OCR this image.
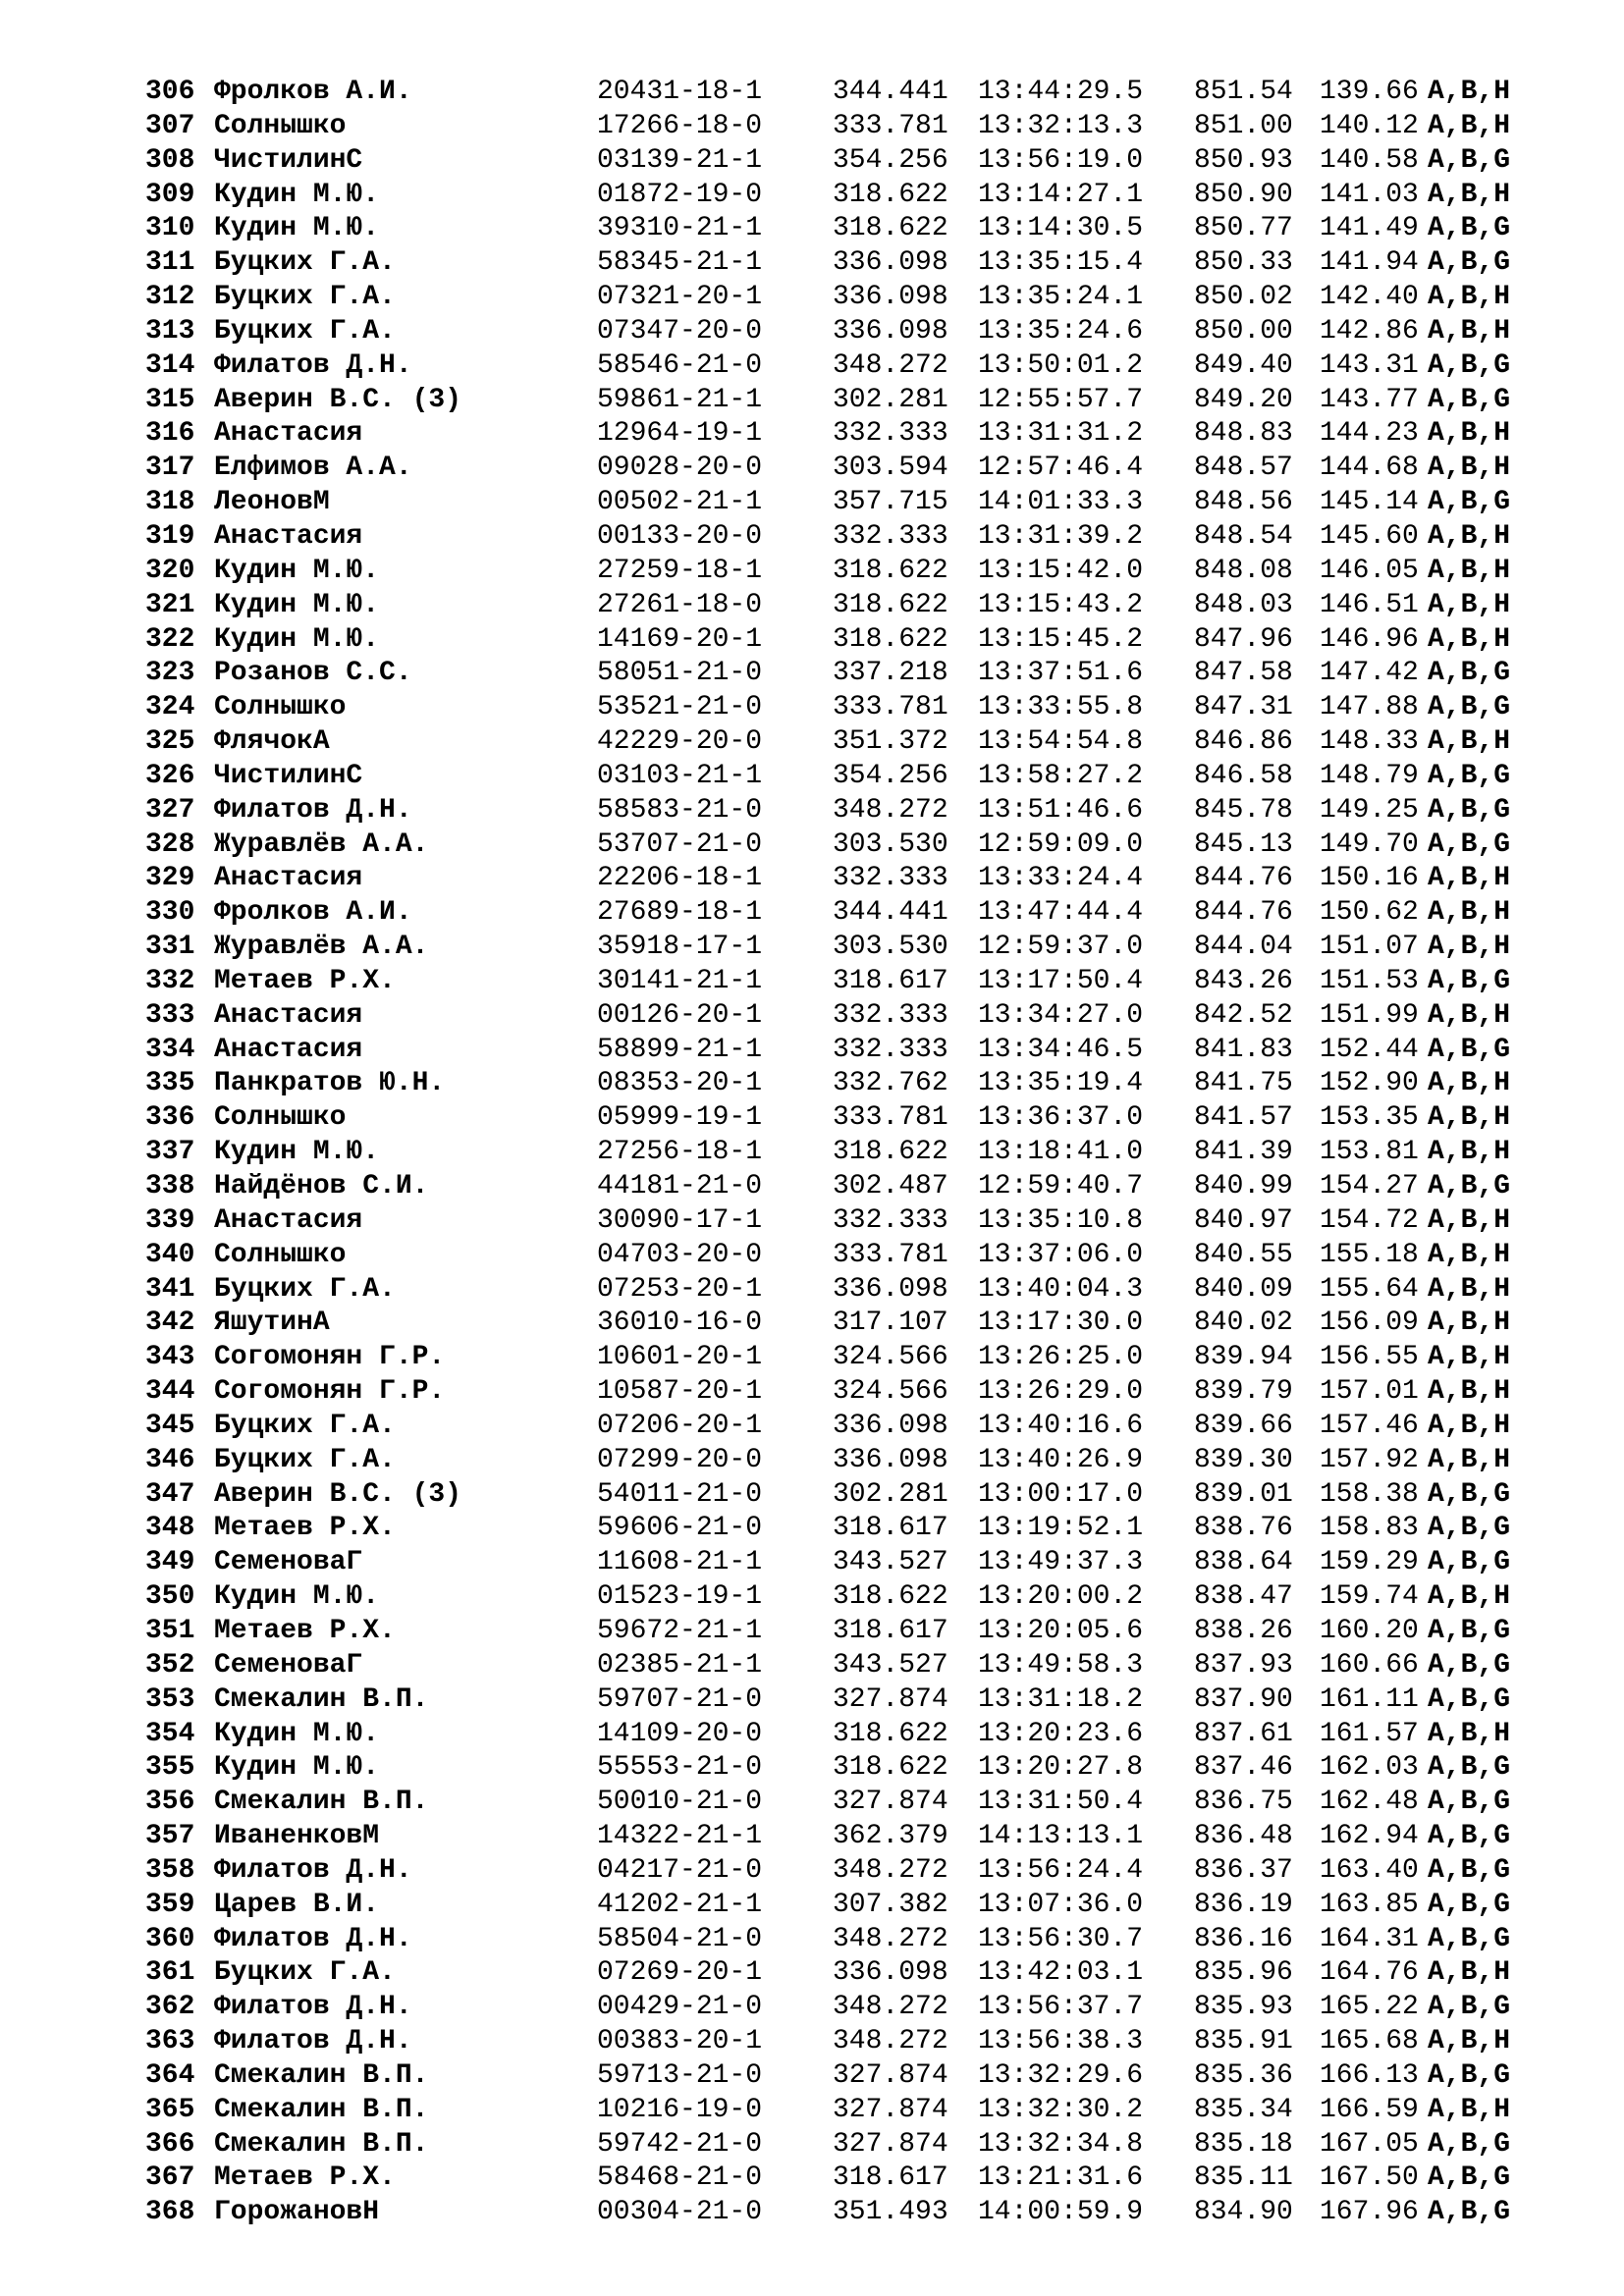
306 Фролков А.И.	20431-18-1	344.441	13:44:29.5	851.54 139.66 A,B,H
307 Солнышко	17266-18-0	333.781	13:32:13.3	851.00 140.12 A,B,H
308 ЧистилинС	03139-21-1	354.256	13:56:19.0	850.93 140.58 A,B,G
309 Кудин М.Ю.	01872-19-0	318.622	13:14:27.1	850.90 141.03 A,B,H
310 Кудин М.Ю.	39310-21-1	318.622	13:14:30.5	850.77 141.49 A,B,G
311 Буцких Г.А.	58345-21-1	336.098	13:35:15.4	850.33 141.94 A,B,G
312 Буцких Г.А.	07321-20-1	336.098	13:35:24.1	850.02 142.40 A,B,H
313 Буцких Г.А.	07347-20-0	336.098	13:35:24.6	850.00 142.86 A,B,H
314 Филатов Д.Н.	58546-21-0	348.272	13:50:01.2	849.40 143.31 A,B,G
315 Аверин В.С. (3)	59861-21-1	302.281	12:55:57.7	849.20 143.77 A,B,G
316 Анастасия	12964-19-1	332.333	13:31:31.2	848.83 144.23 A,B,H
317 Елфимов А.А.	09028-20-0	303.594	12:57:46.4	848.57 144.68 A,B,H
318 ЛеоновМ	00502-21-1	357.715	14:01:33.3	848.56 145.14 A,B,G
319 Анастасия	00133-20-0	332.333	13:31:39.2	848.54 145.60 A,B,H
320 Кудин М.Ю.	27259-18-1	318.622	13:15:42.0	848.08 146.05 A,B,H
321 Кудин М.Ю.	27261-18-0	318.622	13:15:43.2	848.03 146.51 A,B,H
322 Кудин М.Ю.	14169-20-1	318.622	13:15:45.2	847.96 146.96 A,B,H
323 Розанов С.С.	58051-21-0	337.218	13:37:51.6	847.58 147.42 A,B,G
324 Солнышко	53521-21-0	333.781	13:33:55.8	847.31 147.88 A,B,G
325 ФлячокА	42229-20-0	351.372	13:54:54.8	846.86 148.33 A,B,H
326 ЧистилинС	03103-21-1	354.256	13:58:27.2	846.58 148.79 A,B,G
327 Филатов Д.Н.	58583-21-0	348.272	13:51:46.6	845.78 149.25 A,B,G
328 Журавлёв А.А.	53707-21-0	303.530	12:59:09.0	845.13 149.70 A,B,G
329 Анастасия	22206-18-1	332.333	13:33:24.4	844.76 150.16 A,B,H
330 Фролков А.И.	27689-18-1	344.441	13:47:44.4	844.76 150.62 A,B,H
331 Журавлёв А.А.	35918-17-1	303.530	12:59:37.0	844.04 151.07 A,B,H
332 Метаев Р.Х.	30141-21-1	318.617	13:17:50.4	843.26 151.53 A,B,G
333 Анастасия	00126-20-1	332.333	13:34:27.0	842.52 151.99 A,B,H
334 Анастасия	58899-21-1	332.333	13:34:46.5	841.83 152.44 A,B,G
335 Панкратов Ю.Н.	08353-20-1	332.762	13:35:19.4	841.75 152.90 A,B,H
336 Солнышко	05999-19-1	333.781	13:36:37.0	841.57 153.35 A,B,H
337 Кудин М.Ю.	27256-18-1	318.622	13:18:41.0	841.39 153.81 A,B,H
338 Найдёнов С.И.	44181-21-0	302.487	12:59:40.7	840.99 154.27 A,B,G
339 Анастасия	30090-17-1	332.333	13:35:10.8	840.97 154.72 A,B,H
340 Солнышко	04703-20-0	333.781	13:37:06.0	840.55 155.18 A,B,H
341 Буцких Г.А.	07253-20-1	336.098	13:40:04.3	840.09 155.64 A,B,H
342 ЯшутинА	36010-16-0	317.107	13:17:30.0	840.02 156.09 A,B,H
343 Согомонян Г.Р.	10601-20-1	324.566	13:26:25.0	839.94 156.55 A,B,H
344 Согомонян Г.Р.	10587-20-1	324.566	13:26:29.0	839.79 157.01 A,B,H
345 Буцких Г.А.	07206-20-1	336.098	13:40:16.6	839.66 157.46 A,B,H
346 Буцких Г.А.	07299-20-0	336.098	13:40:26.9	839.30 157.92 A,B,H
347 Аверин В.С. (3)	54011-21-0	302.281	13:00:17.0	839.01 158.38 A,B,G
348 Метаев Р.Х.	59606-21-0	318.617	13:19:52.1	838.76 158.83 A,B,G
349 СеменоваГ	11608-21-1	343.527	13:49:37.3	838.64 159.29 A,B,G
350 Кудин М.Ю.	01523-19-1	318.622	13:20:00.2	838.47 159.74 A,B,H
351 Метаев Р.Х.	59672-21-1	318.617	13:20:05.6	838.26 160.20 A,B,G
352 СеменоваГ	02385-21-1	343.527	13:49:58.3	837.93 160.66 A,B,G
353 Смекалин В.П.	59707-21-0	327.874	13:31:18.2	837.90 161.11 A,B,G
354 Кудин М.Ю.	14109-20-0	318.622	13:20:23.6	837.61 161.57 A,B,H
355 Кудин М.Ю.	55553-21-0	318.622	13:20:27.8	837.46 162.03 A,B,G
356 Смекалин В.П.	50010-21-0	327.874	13:31:50.4	836.75 162.48 A,B,G
357 ИваненковМ	14322-21-1	362.379	14:13:13.1	836.48 162.94 A,B,G
358 Филатов Д.Н.	04217-21-0	348.272	13:56:24.4	836.37 163.40 A,B,G
359 Царев В.И.	41202-21-1	307.382	13:07:36.0	836.19 163.85 A,B,G
360 Филатов Д.Н.	58504-21-0	348.272	13:56:30.7	836.16 164.31 A,B,G
361 Буцких Г.А.	07269-20-1	336.098	13:42:03.1	835.96 164.76 A,B,H
362 Филатов Д.Н.	00429-21-0	348.272	13:56:37.7	835.93 165.22 A,B,G
363 Филатов Д.Н.	00383-20-1	348.272	13:56:38.3	835.91 165.68 A,B,H
364 Смекалин В.П.	59713-21-0	327.874	13:32:29.6	835.36 166.13 A,B,G
365 Смекалин В.П.	10216-19-0	327.874	13:32:30.2	835.34 166.59 A,B,H
366 Смекалин В.П.	59742-21-0	327.874	13:32:34.8	835.18 167.05 A,B,G
367 Метаев Р.Х.	58468-21-0	318.617	13:21:31.6	835.11 167.50 A,B,G
368 ГорожановН	00304-21-0	351.493	14:00:59.9	834.90 167.96 A,B,G
